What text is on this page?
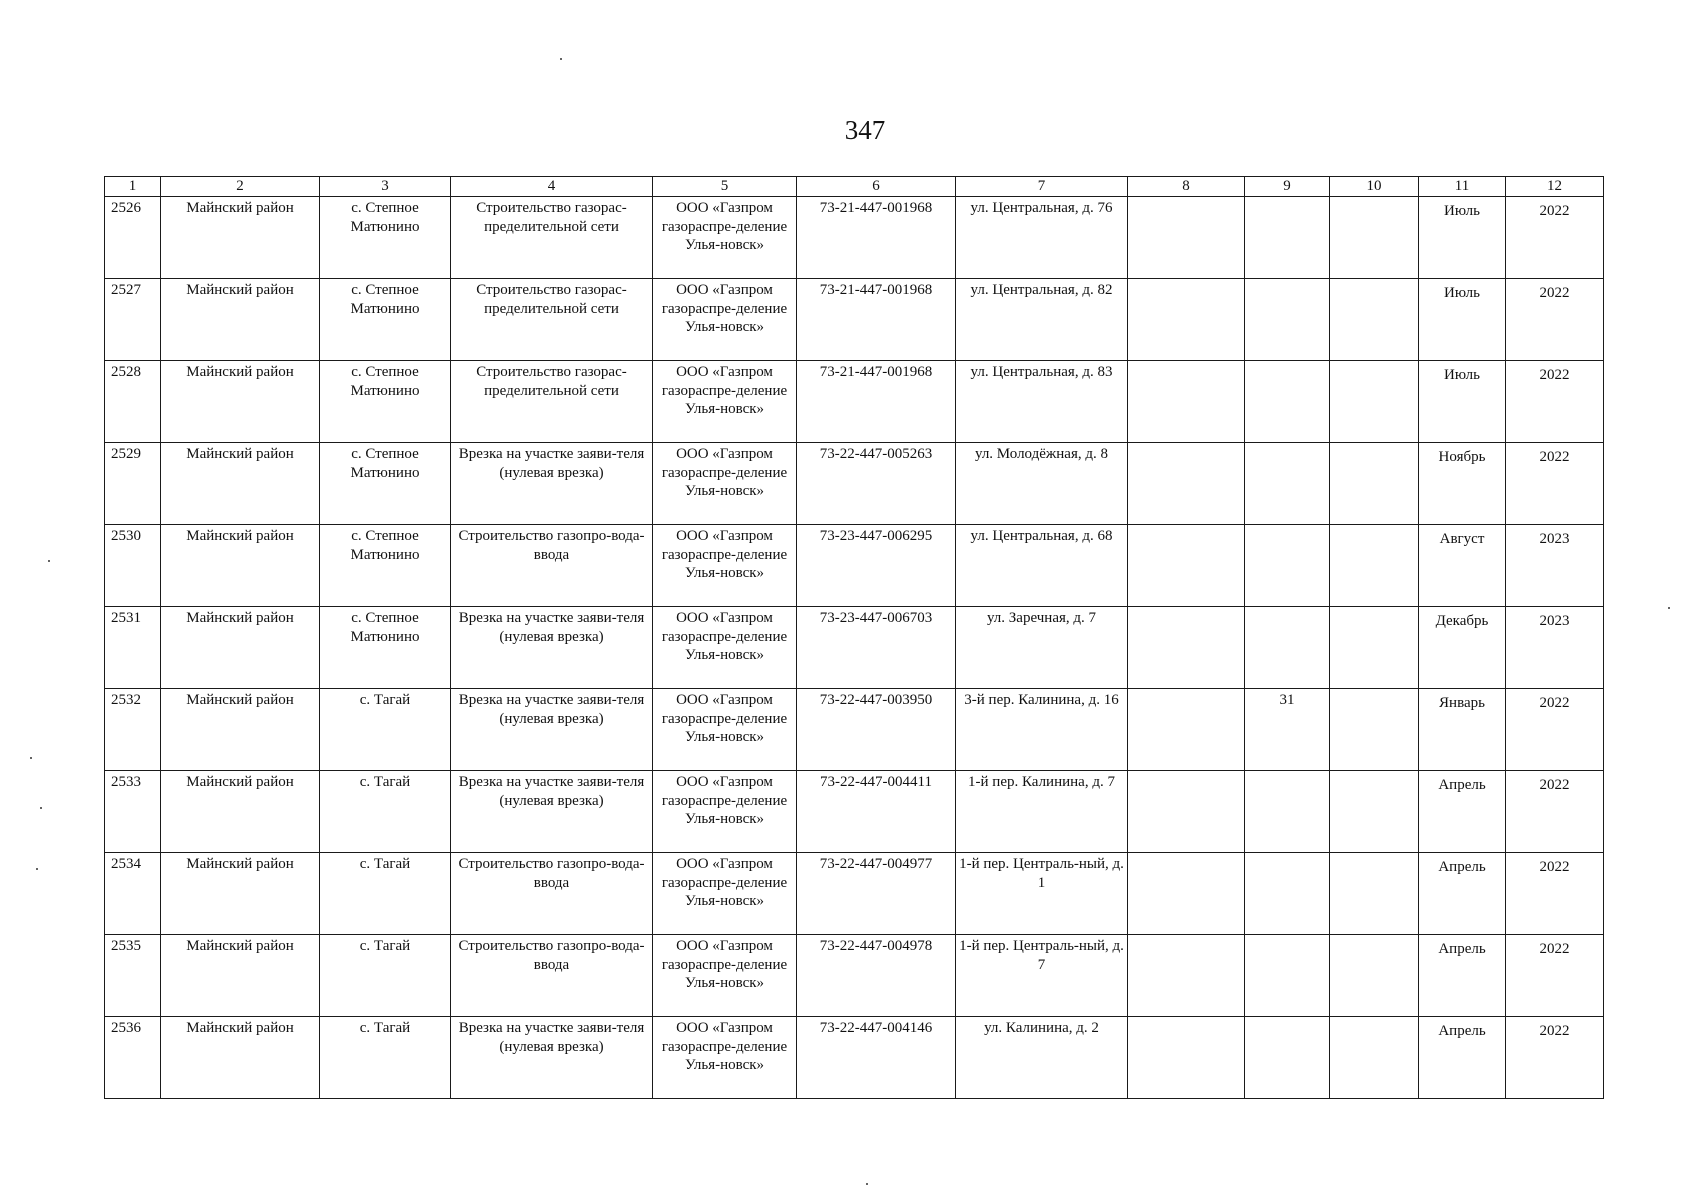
347
1	2	3	4	5	6	7	8	9	10	11	12
2526	Майнский район	с. Степное Матюнино	Строительство газорас-пределительной сети	ООО «Газпром газораспре-деление Улья-новск»	73-21-447-001968	ул. Центральная, д. 76				Июль	2022
2527	Майнский район	с. Степное Матюнино	Строительство газорас-пределительной сети	ООО «Газпром газораспре-деление Улья-новск»	73-21-447-001968	ул. Центральная, д. 82				Июль	2022
2528	Майнский район	с. Степное Матюнино	Строительство газорас-пределительной сети	ООО «Газпром газораспре-деление Улья-новск»	73-21-447-001968	ул. Центральная, д. 83				Июль	2022
2529	Майнский район	с. Степное Матюнино	Врезка на участке заяви-теля (нулевая врезка)	ООО «Газпром газораспре-деление Улья-новск»	73-22-447-005263	ул. Молодёжная, д. 8				Ноябрь	2022
2530	Майнский район	с. Степное Матюнино	Строительство газопро-вода-ввода	ООО «Газпром газораспре-деление Улья-новск»	73-23-447-006295	ул. Центральная, д. 68				Август	2023
2531	Майнский район	с. Степное Матюнино	Врезка на участке заяви-теля (нулевая врезка)	ООО «Газпром газораспре-деление Улья-новск»	73-23-447-006703	ул. Заречная, д. 7				Декабрь	2023
2532	Майнский район	с. Тагай	Врезка на участке заяви-теля (нулевая врезка)	ООО «Газпром газораспре-деление Улья-новск»	73-22-447-003950	3-й пер. Калинина, д. 16		31		Январь	2022
2533	Майнский район	с. Тагай	Врезка на участке заяви-теля (нулевая врезка)	ООО «Газпром газораспре-деление Улья-новск»	73-22-447-004411	1-й пер. Калинина, д. 7				Апрель	2022
2534	Майнский район	с. Тагай	Строительство газопро-вода-ввода	ООО «Газпром газораспре-деление Улья-новск»	73-22-447-004977	1-й пер. Централь-ный, д. 1				Апрель	2022
2535	Майнский район	с. Тагай	Строительство газопро-вода-ввода	ООО «Газпром газораспре-деление Улья-новск»	73-22-447-004978	1-й пер. Централь-ный, д. 7				Апрель	2022
2536	Майнский район	с. Тагай	Врезка на участке заяви-теля (нулевая врезка)	ООО «Газпром газораспре-деление Улья-новск»	73-22-447-004146	ул. Калинина, д. 2				Апрель	2022
